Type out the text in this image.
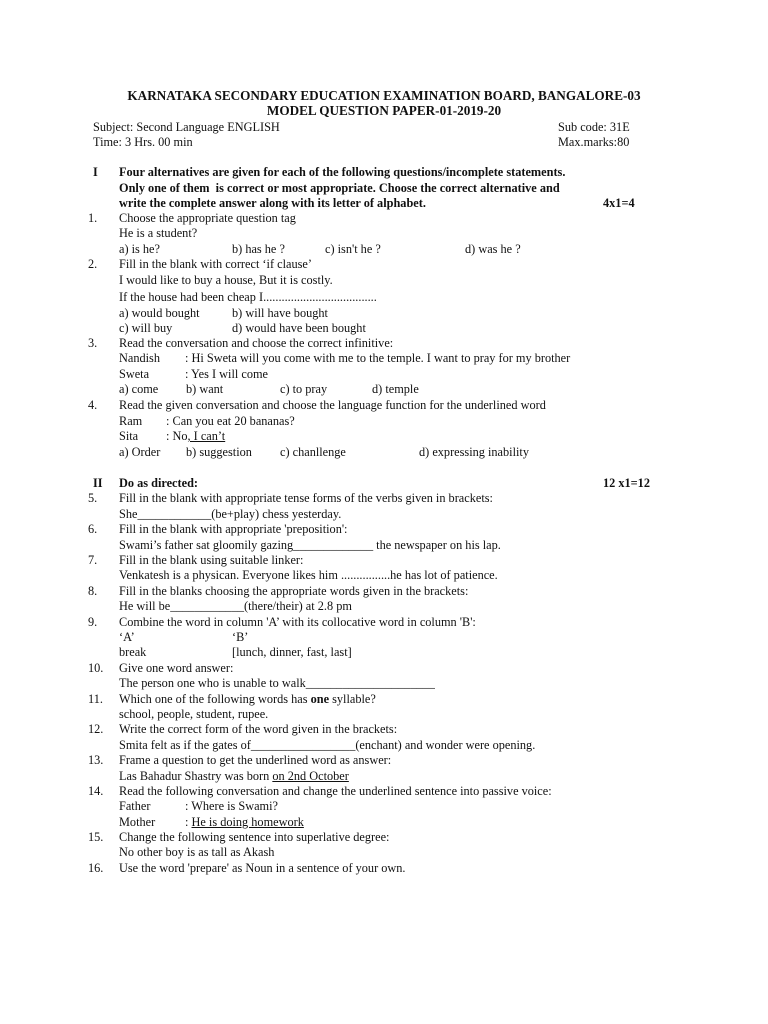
KARNATAKA SECONDARY EDUCATION EXAMINATION BOARD, BANGALORE-03
MODEL QUESTION PAPER-01-2019-20
Subject: Second Language ENGLISH	Sub code: 31E
Time: 3 Hrs. 00 min	Max.marks:80
I Four alternatives are given for each of the following questions/incomplete statements.
Only one of them  is correct or most appropriate. Choose the correct alternative and
write the complete answer along with its letter of alphabet.	4x1=4
1. Choose the appropriate question tag
He is a student?
a) is he?	b) has he ?	c) isn't he ?	d) was he ?
2. Fill in the blank with correct ‘if clause’
I would like to buy a house, But it is costly.
If the house had been cheap I.....................................
a) would bought	b) will have bought
c) will buy	d) would have been bought
3. Read the conversation and choose the correct infinitive:
Nandish : Hi Sweta will you come with me to the temple. I want to pray for my brother
Sweta	: Yes I will come
a) come b) want	c) to pray	d) temple
4. Read the given conversation and choose the language function for the underlined word
Ram : Can you eat 20 bananas?
Sita : No, I can’t
a) Order b) suggestion c) chanllenge	d) expressing inability
II Do as directed:	12 x1=12
5. Fill in the blank with appropriate tense forms of the verbs given in brackets:
She____________(be+play) chess yesterday.
6. Fill in the blank with appropriate 'preposition':
Swami’s father sat gloomily gazing_____________ the newspaper on his lap.
7. Fill in the blank using suitable linker:
Venkatesh is a physican. Everyone likes him ................he has lot of patience.
8. Fill in the blanks choosing the appropriate words given in the brackets:
He will be____________(there/their) at 2.8 pm
9. Combine the word in column 'A’ with its collocative word in column 'B':
‘A’	‘B’
break	[lunch, dinner, fast, last]
10. Give one word answer:
The person one who is unable to walk_____________________
11. Which one of the following words has one syllable?
school, people, student, rupee.
12. Write the correct form of the word given in the brackets:
Smita felt as if the gates of_________________(enchant) and wonder were opening.
13. Frame a question to get the underlined word as answer:
Las Bahadur Shastry was born on 2nd October
14. Read the following conversation and change the underlined sentence into passive voice:
Father	: Where is Swami?
Mother : He is doing homework
15. Change the following sentence into superlative degree:
No other boy is as tall as Akash
16. Use the word 'prepare' as Noun in a sentence of your own.
